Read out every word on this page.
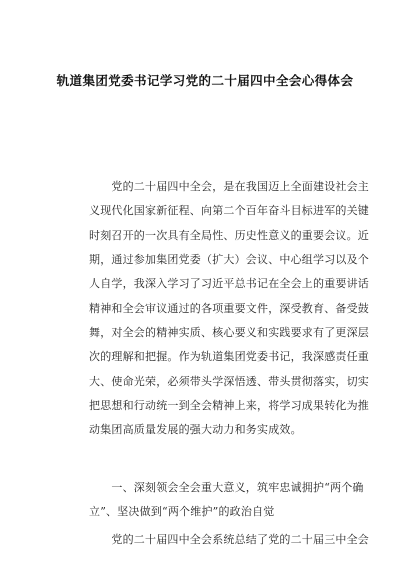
轨道集团党委书记学习党的二十届四中全会心得体会
　　党的二十届四中全会，是在我国迈上全面建设社会主
义现代化国家新征程、向第二个百年奋斗目标进军的关键
时刻召开的一次具有全局性、历史性意义的重要会议。近
期，通过参加集团党委（扩大）会议、中心组学习以及个
人自学，我深入学习了习近平总书记在全会上的重要讲话
精神和全会审议通过的各项重要文件，深受教育、备受鼓
舞，对全会的精神实质、核心要义和实践要求有了更深层
次的理解和把握。作为轨道集团党委书记，我深感责任重
大、使命光荣，必须带头学深悟透、带头贯彻落实，切实
把思想和行动统一到全会精神上来，将学习成果转化为推
动集团高质量发展的强大动力和务实成效。
　　一、深刻领会全会重大意义，筑牢忠诚拥护“两个确
立”、坚决做到“两个维护”的政治自觉
　　党的二十届四中全会系统总结了党的二十届三中全会
